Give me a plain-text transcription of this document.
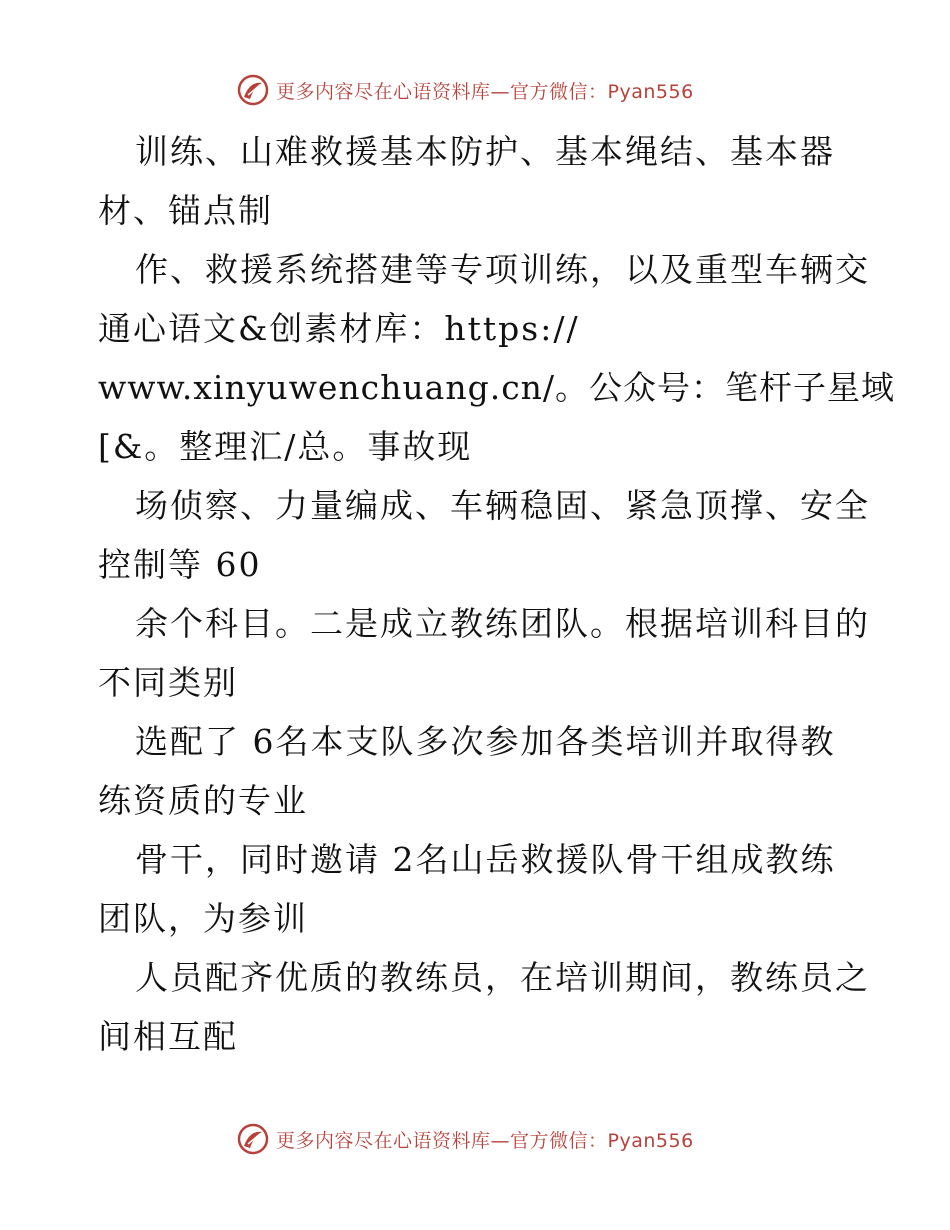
更多内容尽在心语资料库—官方微信：Pyan556
训练、山难救援基本防护、基本绳结、基本器
材、锚点制
作、救援系统搭建等专项训练，以及重型车辆交
通心语文&创素材库：https://
www.xinyuwenchuang.cn/。公众号：笔杆子星域
[&。整理汇/总。事故现
场侦察、力量编成、车辆稳固、紧急顶撑、安全
控制等 60
余个科目。二是成立教练团队。根据培训科目的
不同类别
选配了 6名本支队多次参加各类培训并取得教
练资质的专业
骨干，同时邀请 2名山岳救援队骨干组成教练
团队，为参训
人员配齐优质的教练员，在培训期间，教练员之
间相互配
更多内容尽在心语资料库—官方微信：Pyan556
